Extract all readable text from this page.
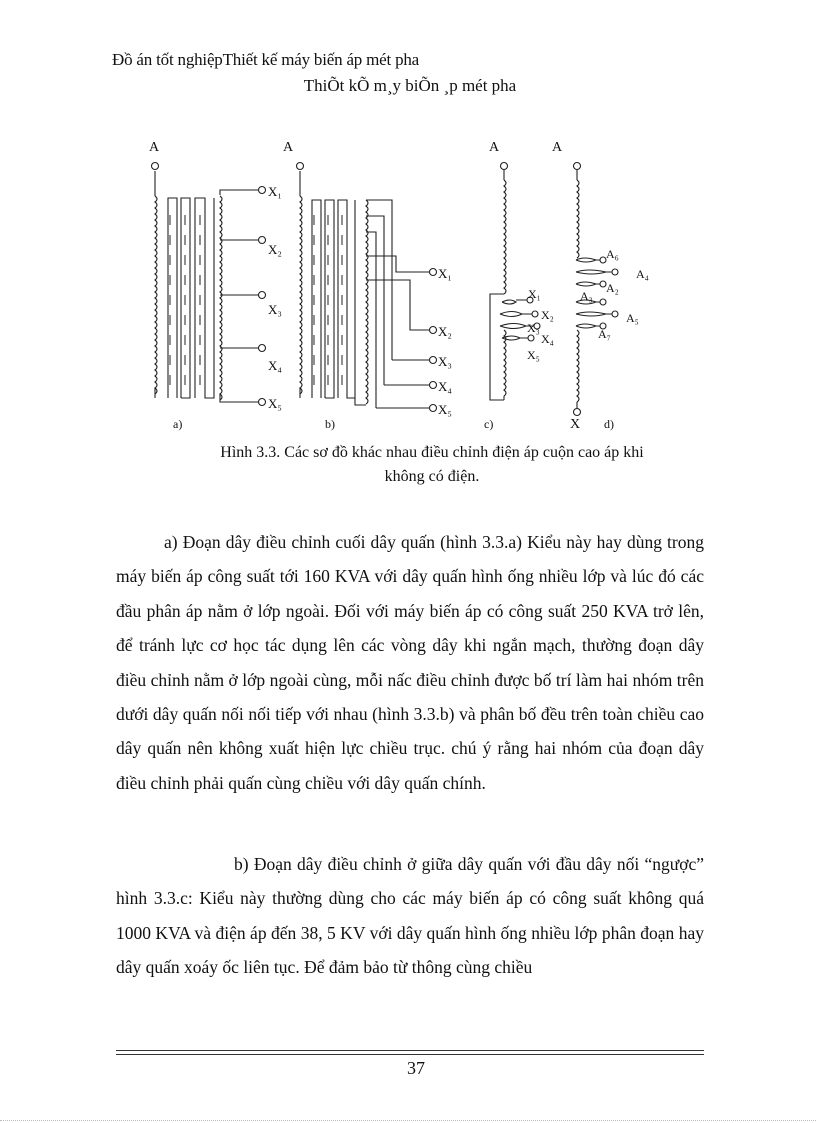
Đồ án tốt nghiệpThiết kế máy biến áp mét pha
ThiÕt kÕ m¸y biÕn ¸p mét pha
A
X₁
X₂
X₃
X₄
X₅
a)
A
X₁
X₂
X₃
X₄
X₅
b)
A
X₁
X₂
X₃
X₄
X₅
c)
A
A₆
A₄
A₂
A₃
A₅
A₇
X d)
Hình 3.3. Các sơ đồ khác nhau điều chỉnh điện áp cuộn cao áp khi
không có điện.
a) Đoạn dây điều chỉnh cuối dây quấn (hình 3.3.a) Kiểu này hay dùng trong máy biến áp công suất tới 160 KVA với dây quấn hình ống nhiều lớp và lúc đó các đầu phân áp nằm ở lớp ngoài. Đối với máy biến áp có công suất 250 KVA trở lên, để tránh lực cơ học tác dụng lên các vòng dây khi ngắn mạch, thường đoạn dây điều chỉnh nằm ở lớp ngoài cùng, mỗi nấc điều chỉnh được bố trí làm hai nhóm trên dưới dây quấn nối nối tiếp với nhau (hình 3.3.b) và phân bố đều trên toàn chiều cao dây quấn nên không xuất hiện lực chiều trục. chú ý rằng hai nhóm của đoạn dây điều chỉnh phải quấn cùng chiều với dây quấn chính.
b) Đoạn dây điều chỉnh ở giữa dây quấn với đầu dây nối “ngược” hình 3.3.c: Kiểu này thường dùng cho các máy biến áp có công suất không quá 1000 KVA và điện áp đến 38, 5 KV với dây quấn hình ống nhiều lớp phân đoạn hay dây quấn xoáy ốc liên tục. Để đảm bảo từ thông cùng chiều
37
